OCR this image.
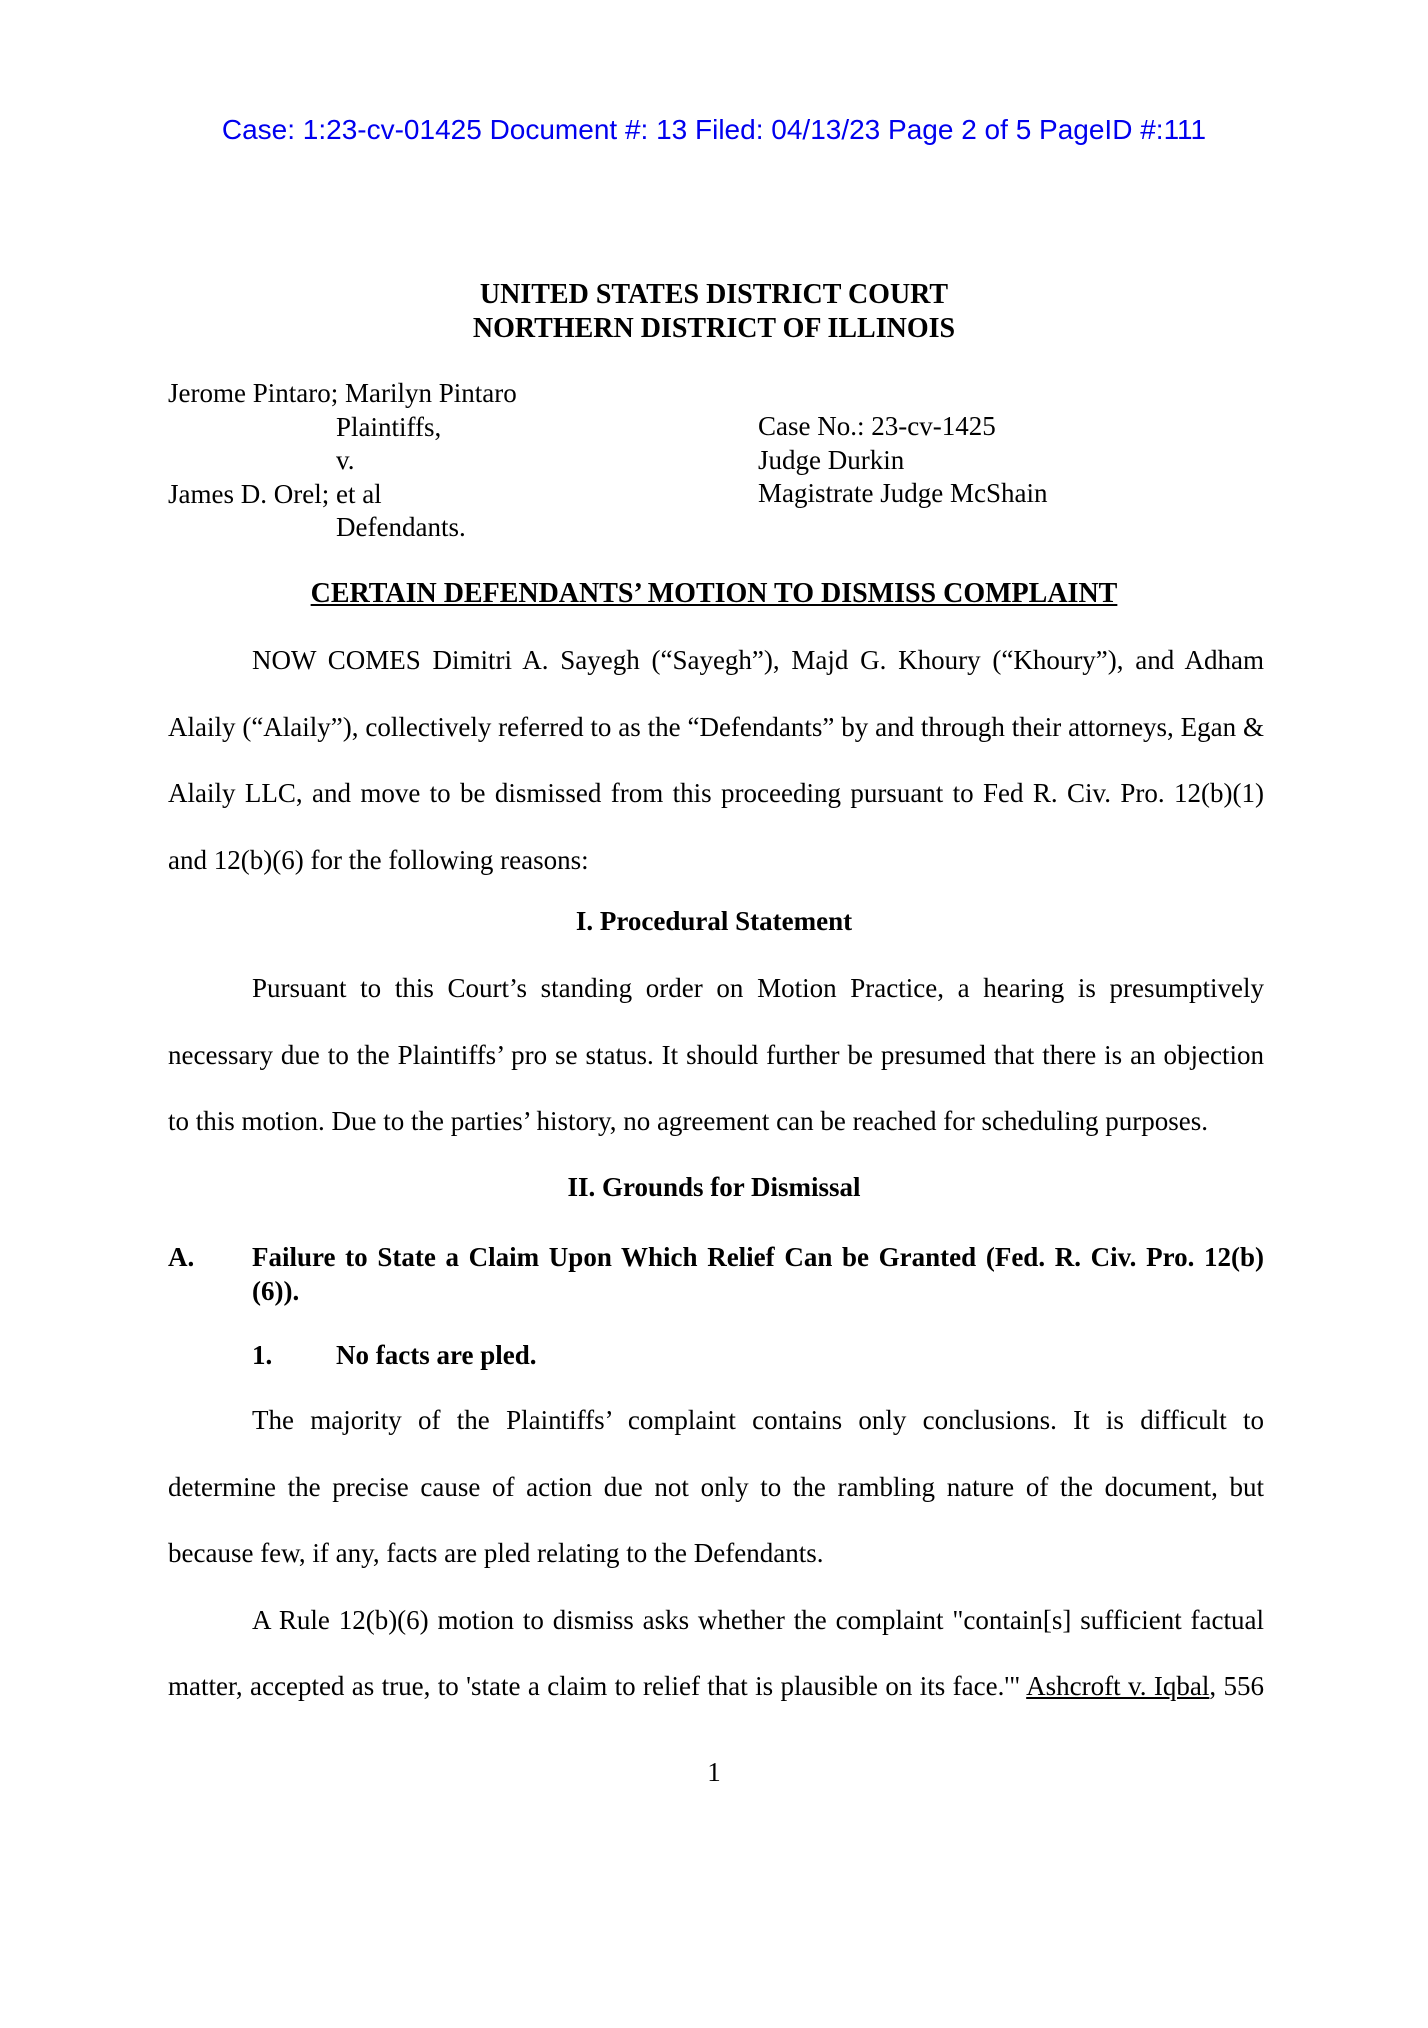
Case: 1:23-cv-01425 Document #: 13 Filed: 04/13/23 Page 2 of 5 PageID #:111
UNITED STATES DISTRICT COURT
NORTHERN DISTRICT OF ILLINOIS
Jerome Pintaro; Marilyn Pintaro
Plaintiffs,
v.
James D. Orel; et al
Defendants.
Case No.: 23-cv-1425
Judge Durkin
Magistrate Judge McShain
CERTAIN DEFENDANTS’ MOTION TO DISMISS COMPLAINT

NOW COMES Dimitri A. Sayegh (“Sayegh”), Majd G. Khoury (“Khoury”), and Adham Alaily (“Alaily”), collectively referred to as the “Defendants” by and through their attorneys, Egan & Alaily LLC, and move to be dismissed from this proceeding pursuant to Fed R. Civ. Pro. 12(b)(1) and 12(b)(6) for the following reasons:

I. Procedural Statement

Pursuant to this Court’s standing order on Motion Practice, a hearing is presumptively necessary due to the Plaintiffs’ pro se status. It should further be presumed that there is an objection to this motion. Due to the parties’ history, no agreement can be reached for scheduling purposes.

II. Grounds for Dismissal
A. Failure to State a Claim Upon Which Relief Can be Granted (Fed. R. Civ. Pro. 12(b)(6)).
1. No facts are pled.

The majority of the Plaintiffs’ complaint contains only conclusions. It is difficult to determine the precise cause of action due not only to the rambling nature of the document, but because few, if any, facts are pled relating to the Defendants.

A Rule 12(b)(6) motion to dismiss asks whether the complaint "contain[s] sufficient factual matter, accepted as true, to 'state a claim to relief that is plausible on its face.'" Ashcroft v. Iqbal, 556

1
